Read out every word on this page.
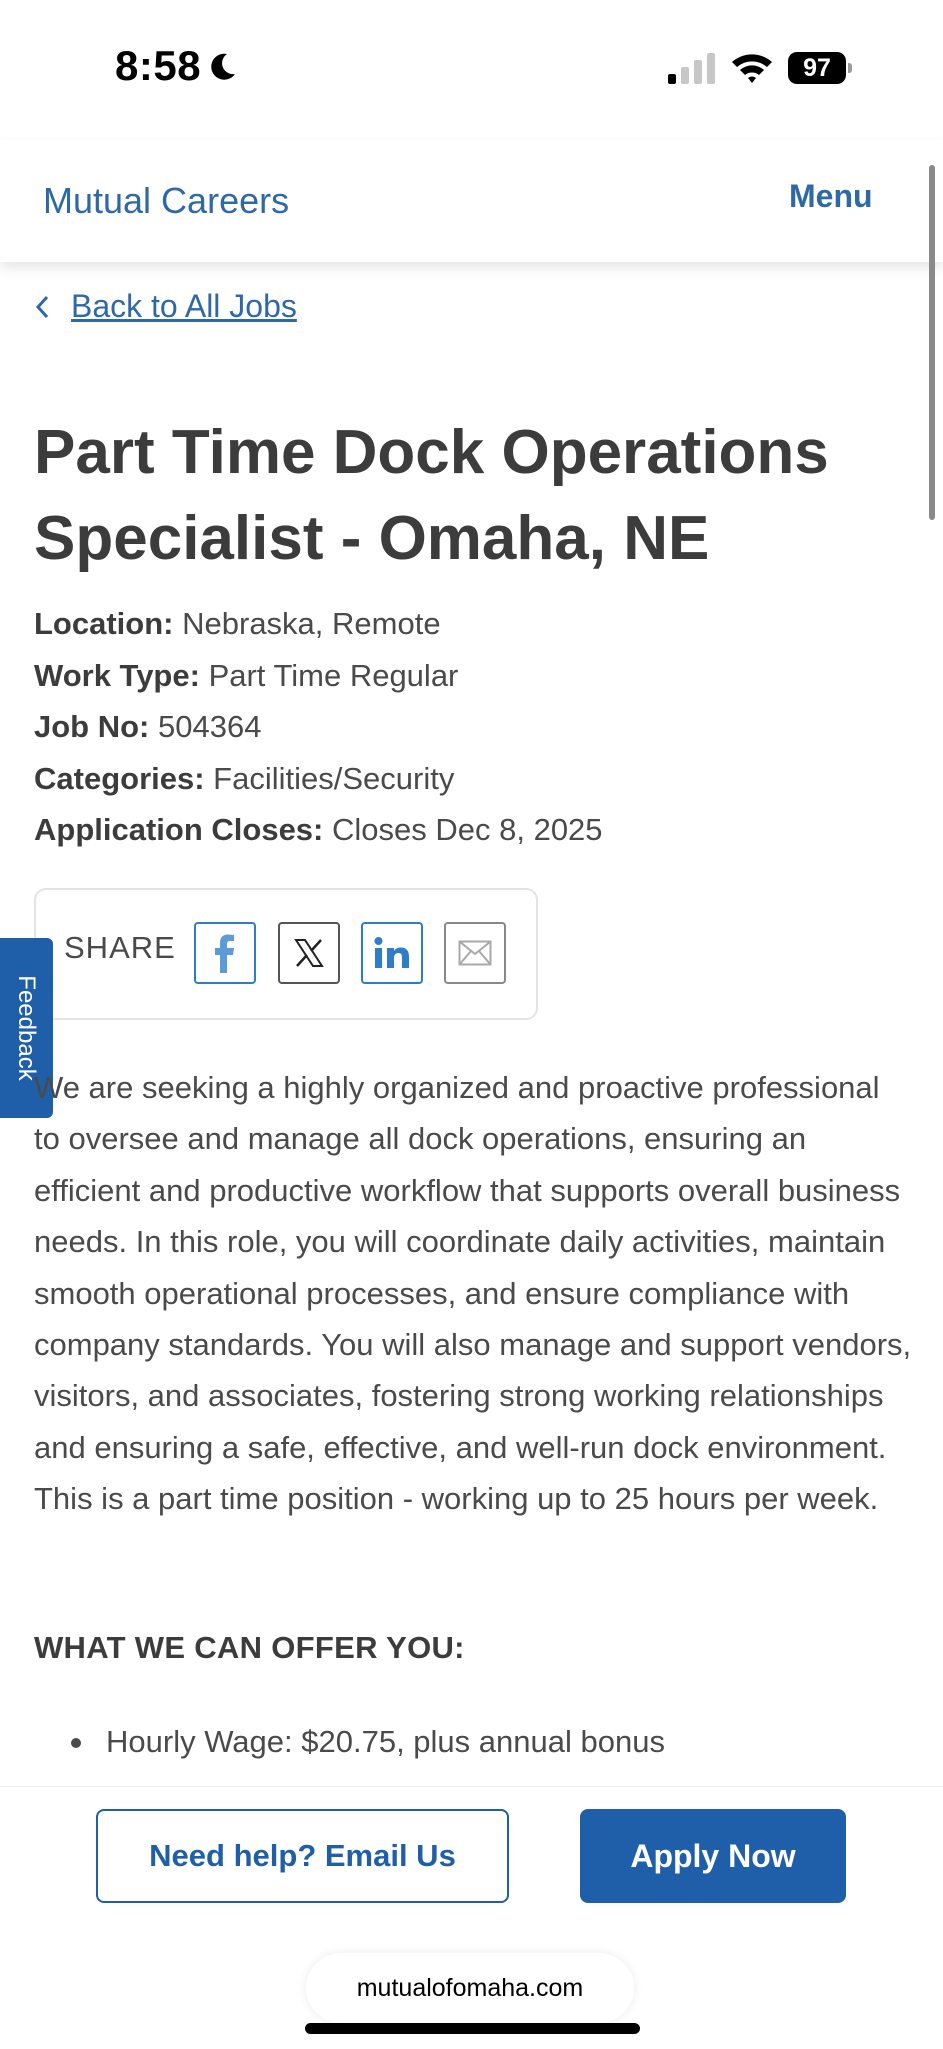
8:58	97
Mutual Careers	Menu
Back to All Jobs
Part Time Dock Operations Specialist - Omaha, NE
Location: Nebraska, Remote
Work Type: Part Time Regular
Job No: 504364
Categories: Facilities/Security
Application Closes: Closes Dec 8, 2025
SHARE
Feedback

We are seeking a highly organized and proactive professional to oversee and manage all dock operations, ensuring an efficient and productive workflow that supports overall business needs. In this role, you will coordinate daily activities, maintain smooth operational processes, and ensure compliance with company standards. You will also manage and support vendors, visitors, and associates, fostering strong working relationships and ensuring a safe, effective, and well-run dock environment. This is a part time position - working up to 25 hours per week.

WHAT WE CAN OFFER YOU:
Hourly Wage: $20.75, plus annual bonus
Need help? Email Us	Apply Now
mutualofomaha.com
